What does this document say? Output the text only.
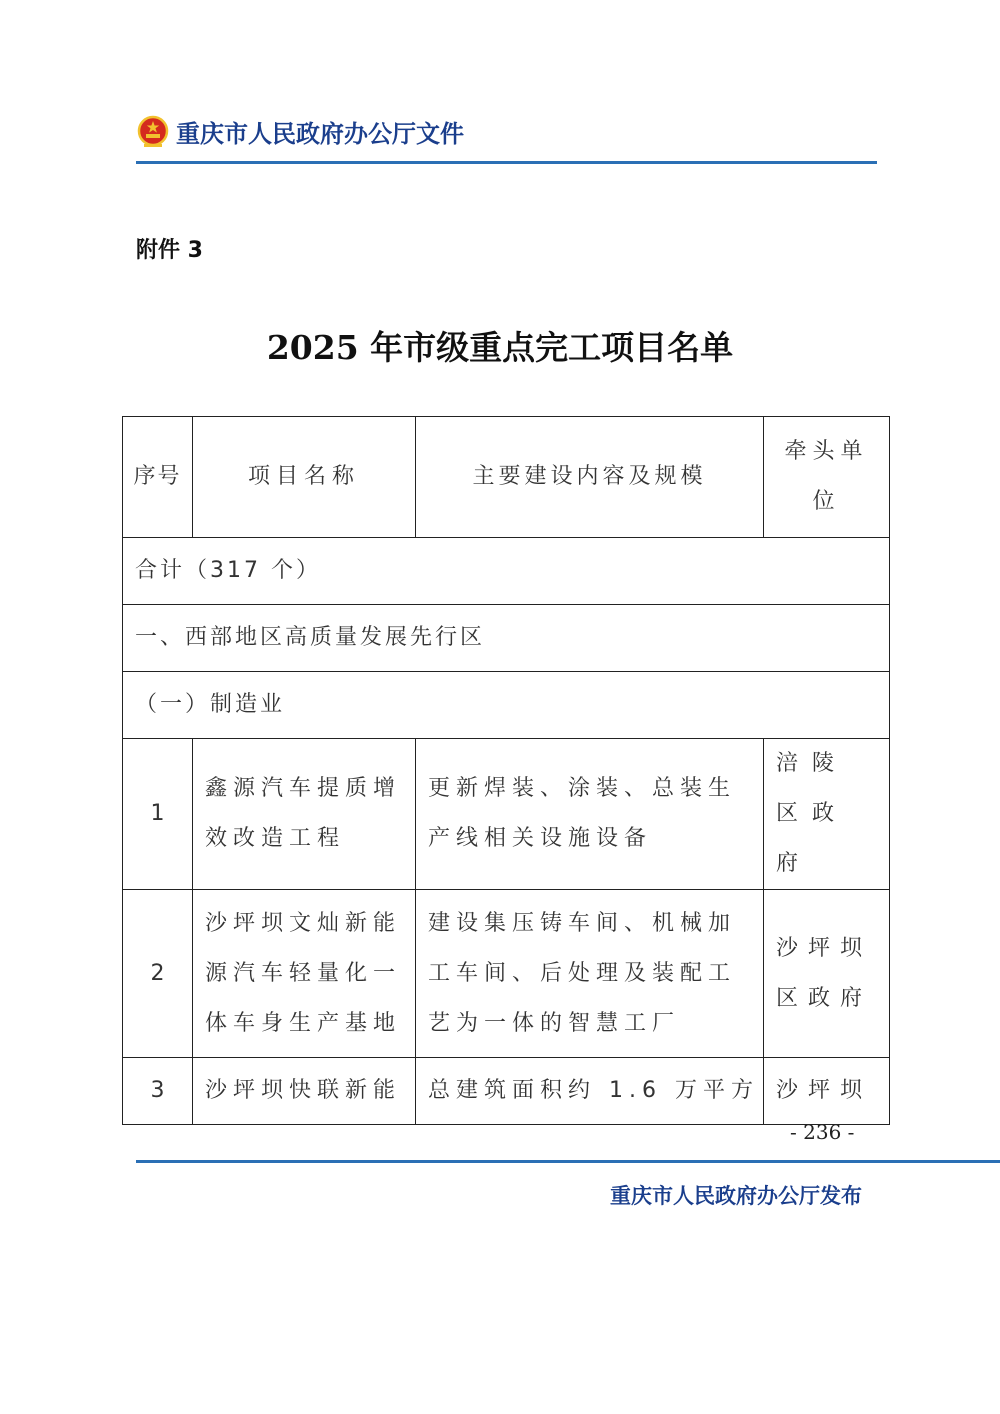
重庆市人民政府办公厅文件
附件 3
2025 年市级重点完工项目名单
序号	项目名称	主要建设内容及规模	牵头单位
合计（317 个）			
一、西部地区高质量发展先行区			
（一）制造业			
1	鑫源汽车提质增效改造工程	更新焊装、涂装、总装生产线相关设施设备	涪陵区政府
2	沙坪坝文灿新能源汽车轻量化一体车身生产基地	建设集压铸车间、机械加工车间、后处理及装配工艺为一体的智慧工厂	沙坪坝区政府
3	沙坪坝快联新能	总建筑面积约 1.6 万平方	沙坪坝
- 236 -
重庆市人民政府办公厅发布
